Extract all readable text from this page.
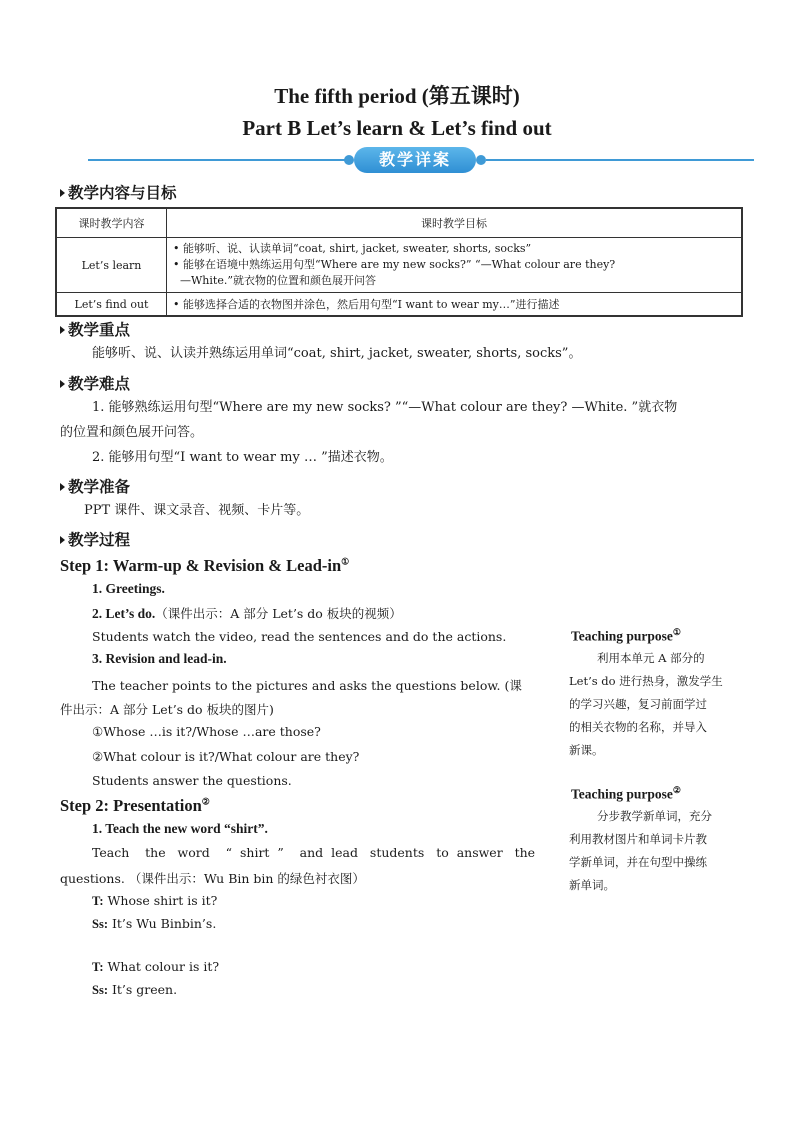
The fifth period (第五课时)
Part B Let’s learn & Let’s find out
教学详案
教学内容与目标
课时教学内容	课时教学目标
Let’s learn	• 能够听、说、认读单词“coat, shirt, jacket, sweater, shorts, socks”
• 能够在语境中熟练运用句型“Where are my new socks?” “—What colour are they?
—White.”就衣物的位置和颜色展开问答

Let’s find out	• 能够选择合适的衣物图并涂色，然后用句型“I want to wear my…”进行描述
教学重点
能够听、说、认读并熟练运用单词“coat, shirt, jacket, sweater, shorts, socks”。
教学难点
1. 能够熟练运用句型“Where are my new socks? ”“—What colour are they? —White. ”就衣物
的位置和颜色展开问答。
2. 能够用句型“I want to wear my … ”描述衣物。
教学准备
PPT 课件、课文录音、视频、卡片等。
教学过程
Step 1: Warm-up & Revision & Lead-in①
1. Greetings.
2. Let’s do.（课件出示：A 部分 Let’s do 板块的视频）
Students watch the video, read the sentences and do the actions.
3. Revision and lead-in.
The teacher points to the pictures and asks the questions below. (课
件出示：A 部分 Let’s do 板块的图片)
①Whose …is it?/Whose …are those?
②What colour is it?/What colour are they?
Students answer the questions.
Step 2: Presentation②
1. Teach the new word “shirt”.
Teach    the   word    “  shirt  ”    and  lead   students   to  answer   the
questions. （课件出示：Wu Bin bin 的绿色衬衣图）
T: Whose shirt is it?
Ss: It’s Wu Binbin’s.
T: What colour is it?
Ss: It’s green.
Teaching purpose①
利用本单元 A 部分的
Let’s do 进行热身，激发学生
的学习兴趣，复习前面学过
的相关衣物的名称，并导入
新课。
Teaching purpose②
分步教学新单词，充分
利用教材图片和单词卡片教
学新单词，并在句型中操练
新单词。
